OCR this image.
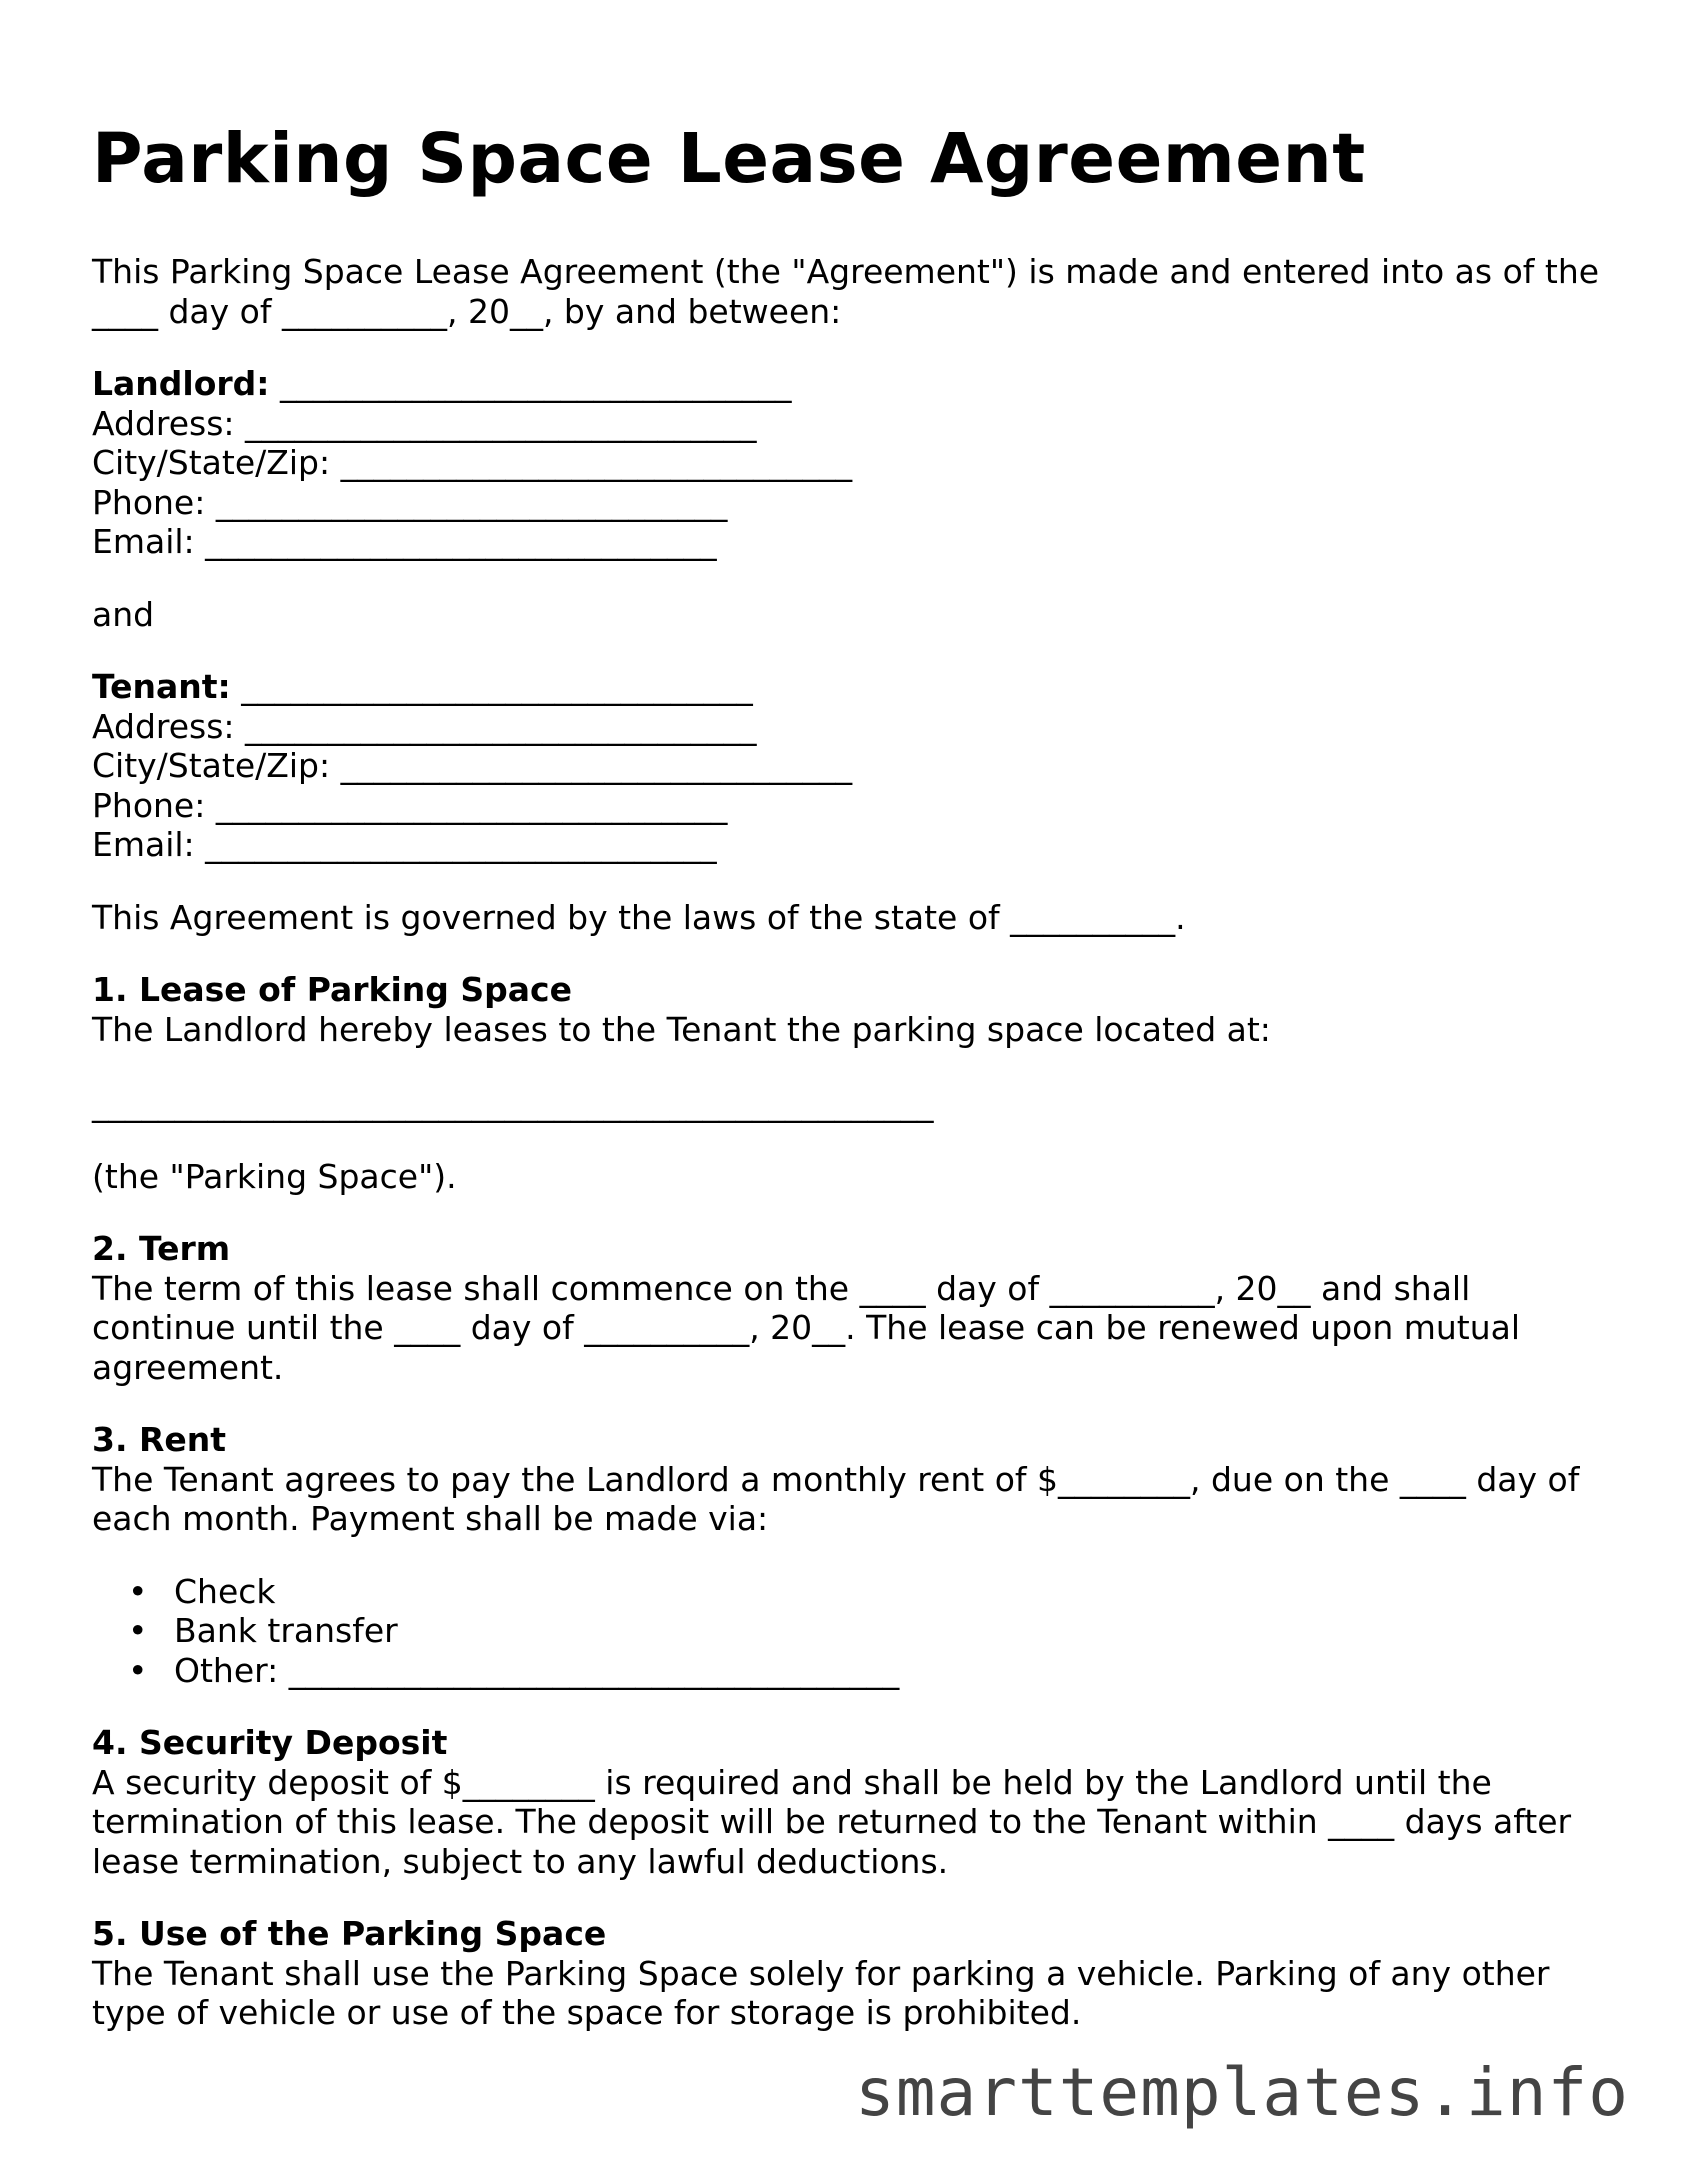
Parking Space Lease Agreement

This Parking Space Lease Agreement (the "Agreement") is made and entered into as of the ____ day of __________, 20__, by and between:

Landlord: _______________________________
Address: _______________________________
City/State/Zip: _______________________________
Phone: _______________________________
Email: _______________________________

and

Tenant: _______________________________
Address: _______________________________
City/State/Zip: _______________________________
Phone: _______________________________
Email: _______________________________

This Agreement is governed by the laws of the state of __________.

1. Lease of Parking Space

The Landlord hereby leases to the Tenant the parking space located at:

___________________________________________________

(the "Parking Space").

2. Term

The term of this lease shall commence on the ____ day of __________, 20__ and shall continue until the ____ day of __________, 20__. The lease can be renewed upon mutual agreement.

3. Rent

The Tenant agrees to pay the Landlord a monthly rent of $________, due on the ____ day of each month. Payment shall be made via:

• Check
• Bank transfer
• Other: _____________________________________

4. Security Deposit

A security deposit of $________ is required and shall be held by the Landlord until the termination of this lease. The deposit will be returned to the Tenant within ____ days after lease termination, subject to any lawful deductions.

5. Use of the Parking Space

The Tenant shall use the Parking Space solely for parking a vehicle. Parking of any other type of vehicle or use of the space for storage is prohibited.

smarttemplates.info
